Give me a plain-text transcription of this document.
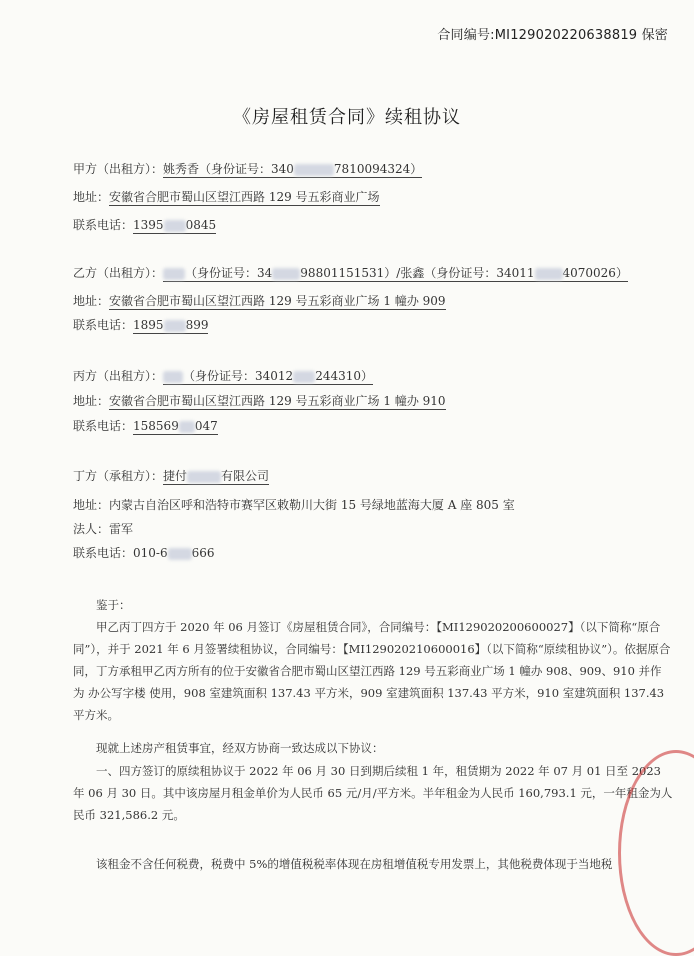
合同编号:MI129020220638819 保密
《房屋租赁合同》续租协议
甲方（出租方）：姚秀香（身份证号：340	7810094324）
地址：安徽省合肥市蜀山区望江西路 129 号五彩商业广场
联系电话：1395 0845
乙方（出租方）： （身份证号：34 98801151531）/张鑫（身份证号：34011 4070026）
地址：安徽省合肥市蜀山区望江西路 129 号五彩商业广场 1 幢办 909
联系电话：1895 899
丙方（出租方）： （身份证号：34012 244310）
地址：安徽省合肥市蜀山区望江西路 129 号五彩商业广场 1 幢办 910
联系电话：158569 047
丁方（承租方）：捷付	有限公司
地址：内蒙古自治区呼和浩特市赛罕区敕勒川大街 15 号绿地蓝海大厦 A 座 805 室
法人：雷军
联系电话：010-6 666
鉴于：
甲乙丙丁四方于 2020 年 06 月签订《房屋租赁合同》，合同编号：【MI129020200600027】（以下简称“原合同”），并于 2021 年 6 月签署续租协议，合同编号：【MI129020210600016】（以下简称“原续租协议”）。依据原合同，丁方承租甲乙丙方所有的位于安徽省合肥市蜀山区望江西路 129 号五彩商业广场 1 幢办 908、909、910 并作为 办公写字楼 使用，908 室建筑面积 137.43 平方米，909 室建筑面积 137.43 平方米，910 室建筑面积 137.43 平方米。
现就上述房产租赁事宜，经双方协商一致达成以下协议：
一、四方签订的原续租协议于 2022 年 06 月 30 日到期后续租 1 年，租赁期为 2022 年 07 月 01 日至 2023 年 06 月 30 日。其中该房屋月租金单价为人民币 65 元/月/平方米。半年租金为人民币 160,793.1 元，一年租金为人民币 321,586.2 元。
该租金不含任何税费，税费中 5%的增值税税率体现在房租增值税专用发票上，其他税费体现于当地税
